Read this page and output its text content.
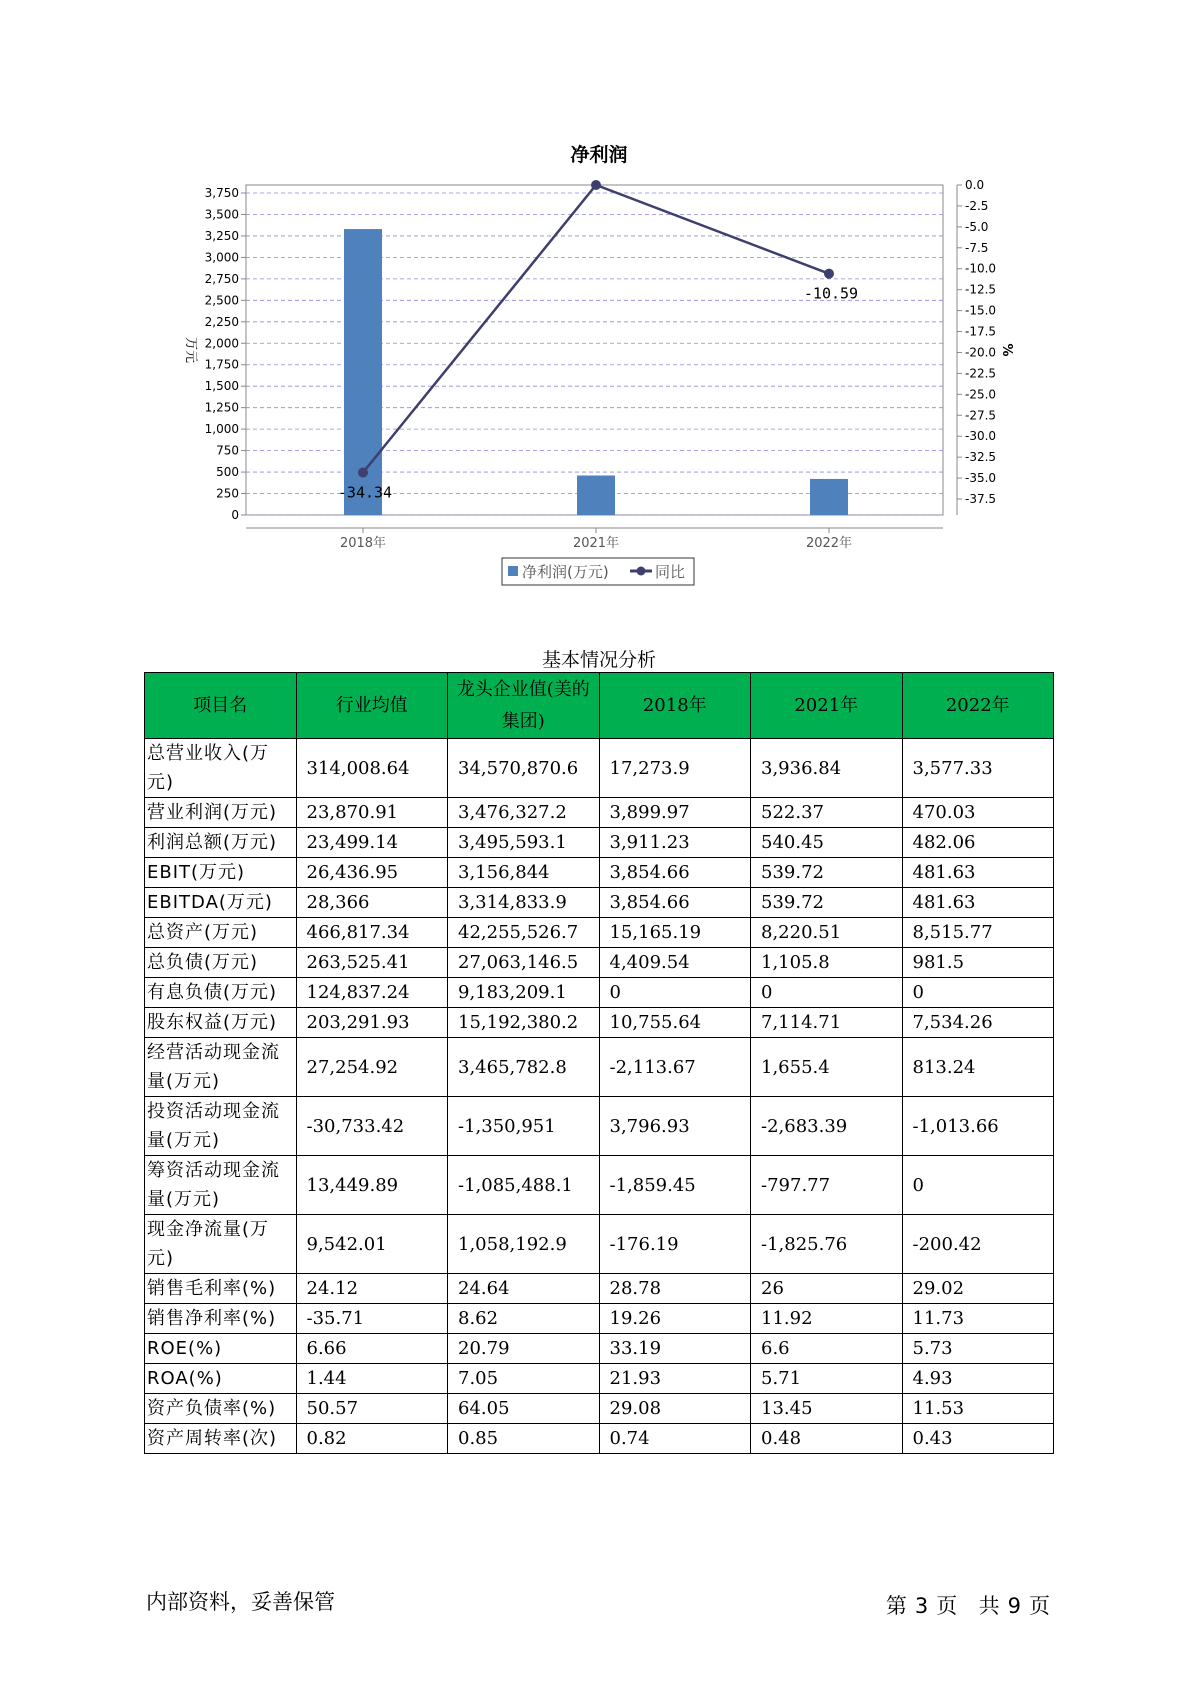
净利润
0
250
500
750
1,000
1,250
1,500
1,750
2,000
2,250
2,500
2,750
3,000
3,250
3,500
3,750
0.0
-2.5
-5.0
-7.5
-10.0
-12.5
-15.0
-17.5
-20.0
-22.5
-25.0
-27.5
-30.0
-32.5
-35.0
-37.5
-34.34
-10.59
2018年	2021年	2022年
万元	%
净利润(万元)	同比
基本情况分析
项目名	行业均值	龙头企业值(美的集团)	2018年	2021年	2022年
总营业收入(万元)	314,008.64	34,570,870.6	17,273.9	3,936.84	3,577.33
营业利润(万元)	23,870.91	3,476,327.2	3,899.97	522.37	470.03
利润总额(万元)	23,499.14	3,495,593.1	3,911.23	540.45	482.06
EBIT(万元)	26,436.95	3,156,844	3,854.66	539.72	481.63
EBITDA(万元)	28,366	3,314,833.9	3,854.66	539.72	481.63
总资产(万元)	466,817.34	42,255,526.7	15,165.19	8,220.51	8,515.77
总负债(万元)	263,525.41	27,063,146.5	4,409.54	1,105.8	981.5
有息负债(万元)	124,837.24	9,183,209.1	0	0	0
股东权益(万元)	203,291.93	15,192,380.2	10,755.64	7,114.71	7,534.26
经营活动现金流量(万元)	27,254.92	3,465,782.8	-2,113.67	1,655.4	813.24
投资活动现金流量(万元)	-30,733.42	-1,350,951	3,796.93	-2,683.39	-1,013.66
筹资活动现金流量(万元)	13,449.89	-1,085,488.1	-1,859.45	-797.77	0
现金净流量(万元)	9,542.01	1,058,192.9	-176.19	-1,825.76	-200.42
销售毛利率(%)	24.12	24.64	28.78	26	29.02
销售净利率(%)	-35.71	8.62	19.26	11.92	11.73
ROE(%)	6.66	20.79	33.19	6.6	5.73
ROA(%)	1.44	7.05	21.93	5.71	4.93
资产负债率(%)	50.57	64.05	29.08	13.45	11.53
资产周转率(次)	0.82	0.85	0.74	0.48	0.43
内部资料，妥善保管	第 3 页 共 9 页
